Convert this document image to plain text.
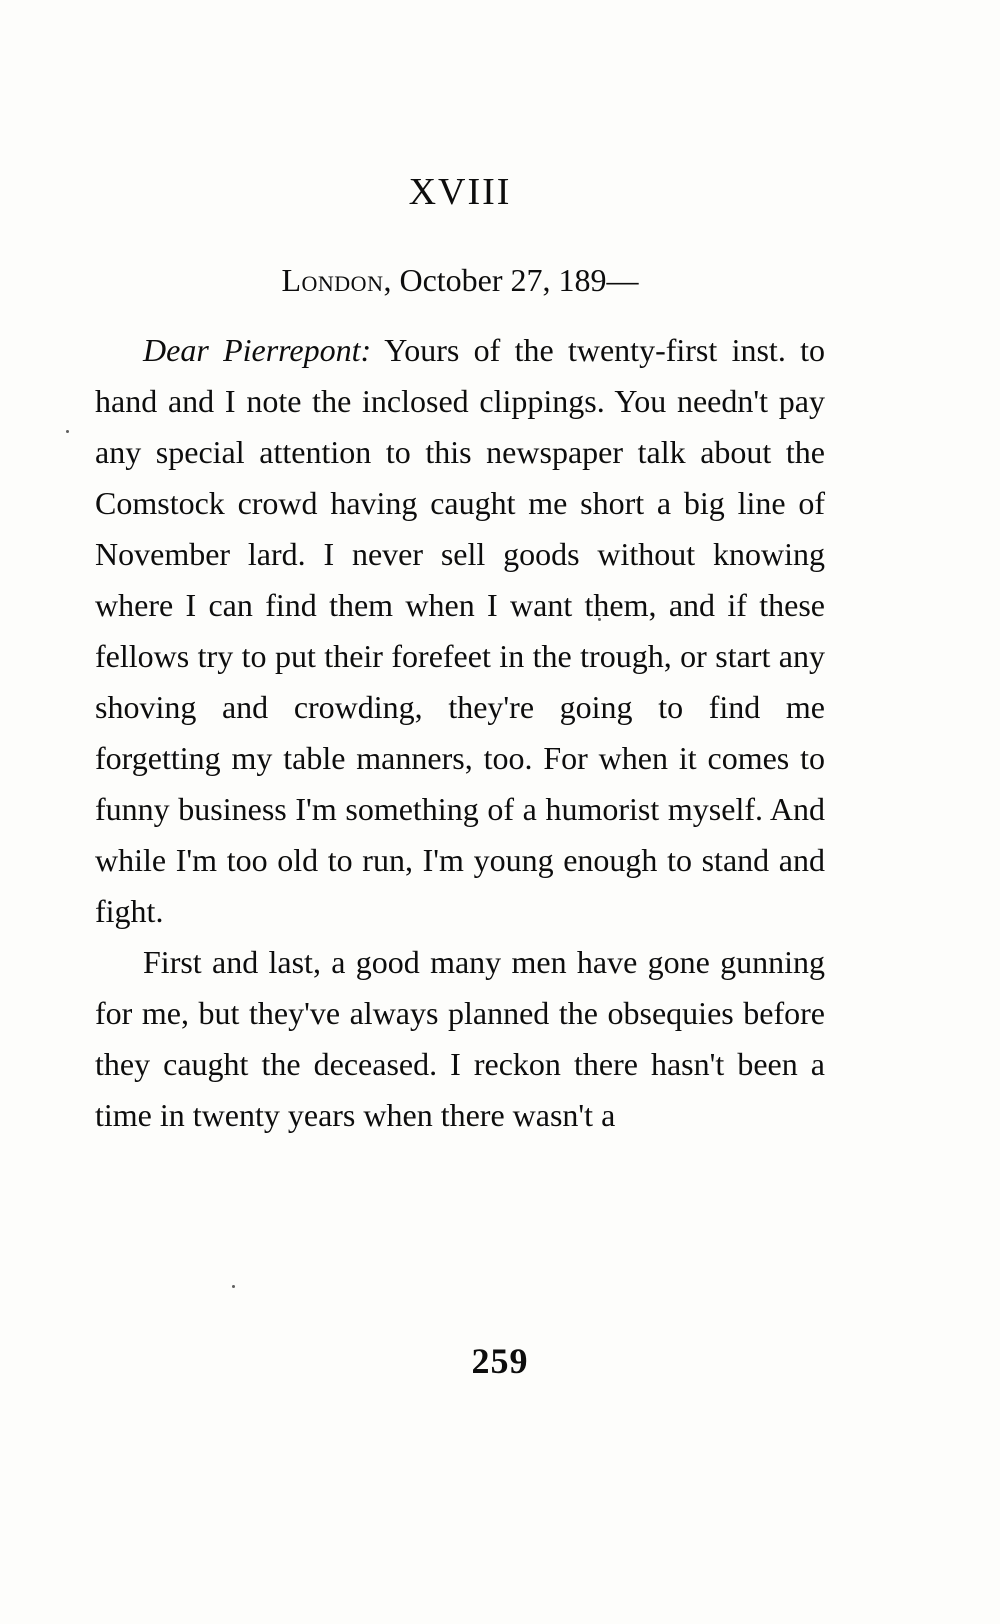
XVIII
London, October 27, 189—

Dear Pierrepont: Yours of the twenty-first inst. to hand and I note the inclosed clippings. You needn't pay any special attention to this newspaper talk about the Comstock crowd having caught me short a big line of November lard. I never sell goods without knowing where I can find them when I want them, and if these fellows try to put their forefeet in the trough, or start any shoving and crowding, they're going to find me forgetting my table manners, too. For when it comes to funny business I'm something of a humorist myself. And while I'm too old to run, I'm young enough to stand and fight.

First and last, a good many men have gone gunning for me, but they've always planned the obsequies before they caught the deceased. I reckon there hasn't been a time in twenty years when there wasn't a

259
